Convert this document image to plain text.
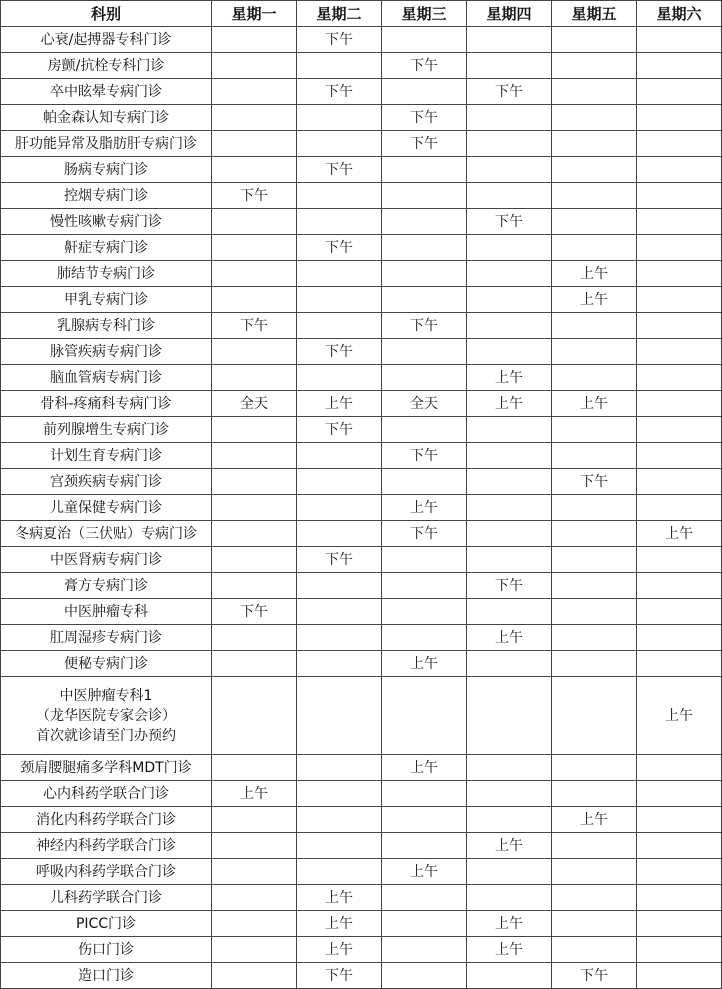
科别	星期一	星期二	星期三	星期四	星期五	星期六
心衰/起搏器专科门诊		下午				
房颤/抗栓专科门诊			下午			
卒中眩晕专病门诊		下午		下午		
帕金森认知专病门诊			下午			
肝功能异常及脂肪肝专病门诊			下午			
肠病专病门诊		下午				
控烟专病门诊	下午					
慢性咳嗽专病门诊				下午		
鼾症专病门诊		下午				
肺结节专病门诊					上午	
甲乳专病门诊					上午	
乳腺病专科门诊	下午		下午			
脉管疾病专病门诊		下午				
脑血管病专病门诊				上午		
骨科-疼痛科专病门诊	全天	上午	全天	上午	上午	
前列腺增生专病门诊		下午				
计划生育专病门诊			下午			
宫颈疾病专病门诊					下午	
儿童保健专病门诊			上午			
冬病夏治（三伏贴）专病门诊			下午			上午
中医肾病专病门诊		下午				
膏方专病门诊				下午		
中医肿瘤专科	下午					
肛周湿疹专病门诊				上午		
便秘专病门诊			上午			

中医肿瘤专科1
（龙华医院专家会诊）
首次就诊请至门办预约						上午
颈肩腰腿痛多学科MDT门诊			上午			
心内科药学联合门诊	上午					
消化内科药学联合门诊					上午	
神经内科药学联合门诊				上午		
呼吸内科药学联合门诊			上午			
儿科药学联合门诊		上午				
PICC门诊		上午		上午		
伤口门诊		上午		上午		
造口门诊		下午			下午	
